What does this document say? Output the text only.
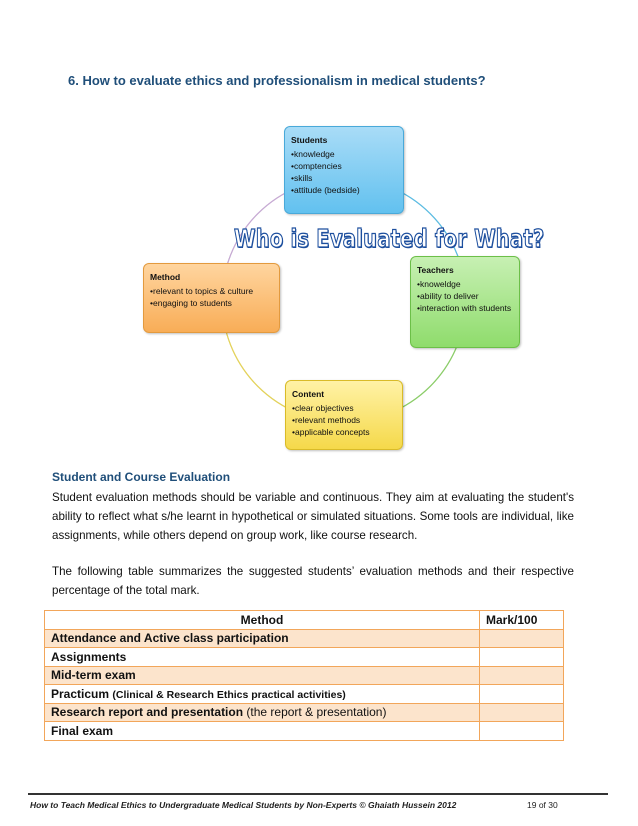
6. How to evaluate ethics and professionalism in medical students?
Students
• knowledge
• comptencies
• skills
• attitude (bedside)
Teachers
• knoweldge
• ability to deliver
• interaction with students
Content
• clear objectives
• relevant methods
• applicable concepts
Method
• relevant to topics & culture
• engaging to students
Who is Evaluated for What?
Student and Course Evaluation
Student evaluation methods should be variable and continuous. They aim at evaluating the student's ability to reflect what s/he learnt in hypothetical or simulated situations. Some tools are individual, like assignments, while others depend on group work, like course research.
The following table summarizes the suggested students’ evaluation methods and their respective percentage of the total mark.
Method	Mark/100
Attendance and Active class participation	
Assignments	
Mid-term exam	
Practicum (Clinical & Research Ethics practical activities)	
Research report and presentation (the report & presentation)	
Final exam	
How to Teach Medical Ethics to Undergraduate Medical Students by Non-Experts © Ghaiath Hussein 2012	19 of 30
